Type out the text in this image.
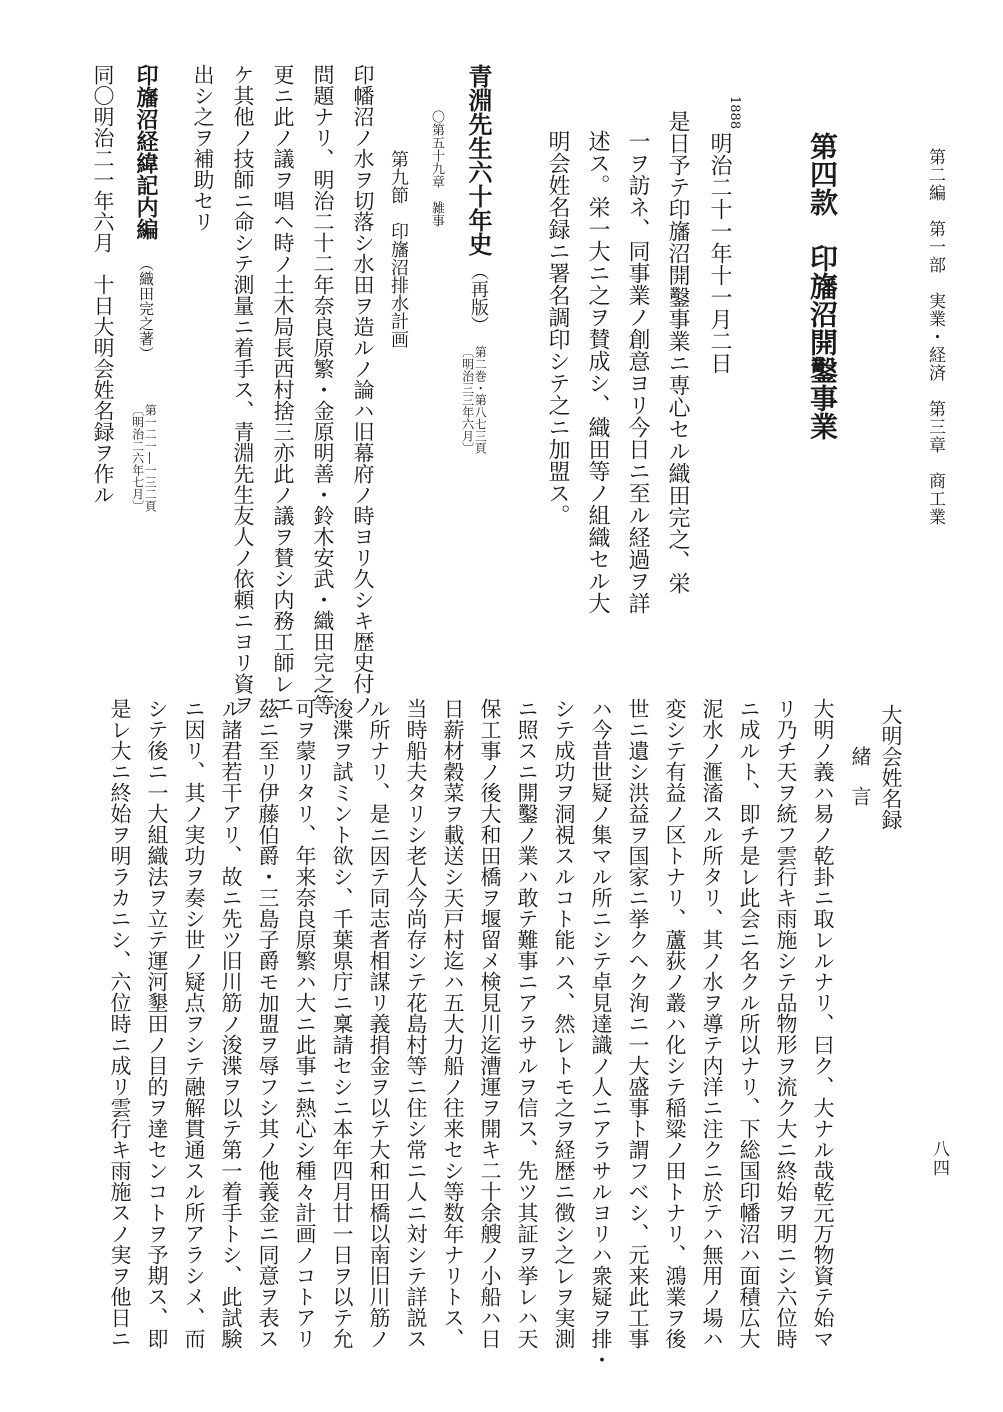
第二編　第一部　実業・経済　第三章　商工業
八四
第四款　印旛沼開鑿事業
1888
明治二十一年十一月二日
是日予テ印旛沼開鑿事業ニ専心セル織田完之、栄
一ヲ訪ネ、同事業ノ創意ヨリ今日ニ至ル経過ヲ詳
述ス。栄一大ニ之ヲ賛成シ、織田等ノ組織セル大
明会姓名録ニ署名調印シテ之ニ加盟ス。
青淵先生六十年史
（再版）
第二巻・第八七三頁
〔明治三三年六月〕
〇第五十九章　雑事
第九節　印旛沼排水計画
印幡沼ノ水ヲ切落シ水田ヲ造ルノ論ハ旧幕府ノ時ヨリ久シキ歴史付ノ
問題ナリ、明治二十二年奈良原繁・金原明善・鈴木安武・織田完之等
更ニ此ノ議ヲ唱ヘ時ノ土木局長西村捨三亦此ノ議ヲ賛シ内務工師レエ
ケ其他ノ技師ニ命シテ測量ニ着手ス、青淵先生友人ノ依頼ニヨリ資ヲ
出シ之ヲ補助セリ
印旛沼経緯記内編
（織田完之著）
第一二一―一三二頁
〔明治二六年七月〕
同〇明治二一年六月　十日大明会姓名録ヲ作ル
大明会姓名録
緒　言
大明ノ義ハ易ノ乾卦ニ取レルナリ、曰ク、大ナル哉乾元万物資テ始マ
リ乃チ天ヲ統フ雲行キ雨施シテ品物形ヲ流ク大ニ終始ヲ明ニシ六位時
ニ成ルト、即チ是レ此会ニ名クル所以ナリ、下総国印幡沼ハ面積広大
泥水ノ滙滀スル所タリ、其ノ水ヲ導テ内洋ニ注クニ於テハ無用ノ場ハ
変シテ有益ノ区トナリ、蘆荻ノ叢ハ化シテ稲粱ノ田トナリ、鴻業ヲ後
世ニ遺シ洪益ヲ国家ニ挙クヘク洵ニ一大盛事ト謂フベシ、元来此工事
ハ今昔世疑ノ集マル所ニシテ卓見達識ノ人ニアラサルヨリハ衆疑ヲ排・
シテ成功ヲ洞視スルコト能ハス、然レトモ之ヲ経歴ニ徴シ之レヲ実測
ニ照スニ開鑿ノ業ハ敢テ難事ニアラサルヲ信ス、先ツ其証ヲ挙レハ天
保工事ノ後大和田橋ヲ堰留メ検見川迄漕運ヲ開キ二十余艘ノ小船ハ日
日薪材穀菜ヲ載送シ天戸村迄ハ五大力船ノ往来セシ等数年ナリトス、
当時船夫タリシ老人今尚存シテ花島村等ニ住シ常ニ人ニ対シテ詳説ス
ル所ナリ、是ニ因テ同志者相謀リ義捐金ヲ以テ大和田橋以南旧川筋ノ
浚渫ヲ試ミント欲シ、千葉県庁ニ稟請セシニ本年四月廿一日ヲ以テ允
可ヲ蒙リタリ、年来奈良原繁ハ大ニ此事ニ熱心シ種々計画ノコトアリ
茲ニ至リ伊藤伯爵・三島子爵モ加盟ヲ辱フシ其ノ他義金ニ同意ヲ表ス
ル諸君若干アリ、故ニ先ツ旧川筋ノ浚渫ヲ以テ第一着手トシ、此試験
ニ因リ、其ノ実功ヲ奏シ世ノ疑点ヲシテ融解貫通スル所アラシメ、而
シテ後ニ一大組織法ヲ立テ運河墾田ノ目的ヲ達センコトヲ予期ス、即
是レ大ニ終始ヲ明ラカニシ、六位時ニ成リ雲行キ雨施スノ実ヲ他日ニ
